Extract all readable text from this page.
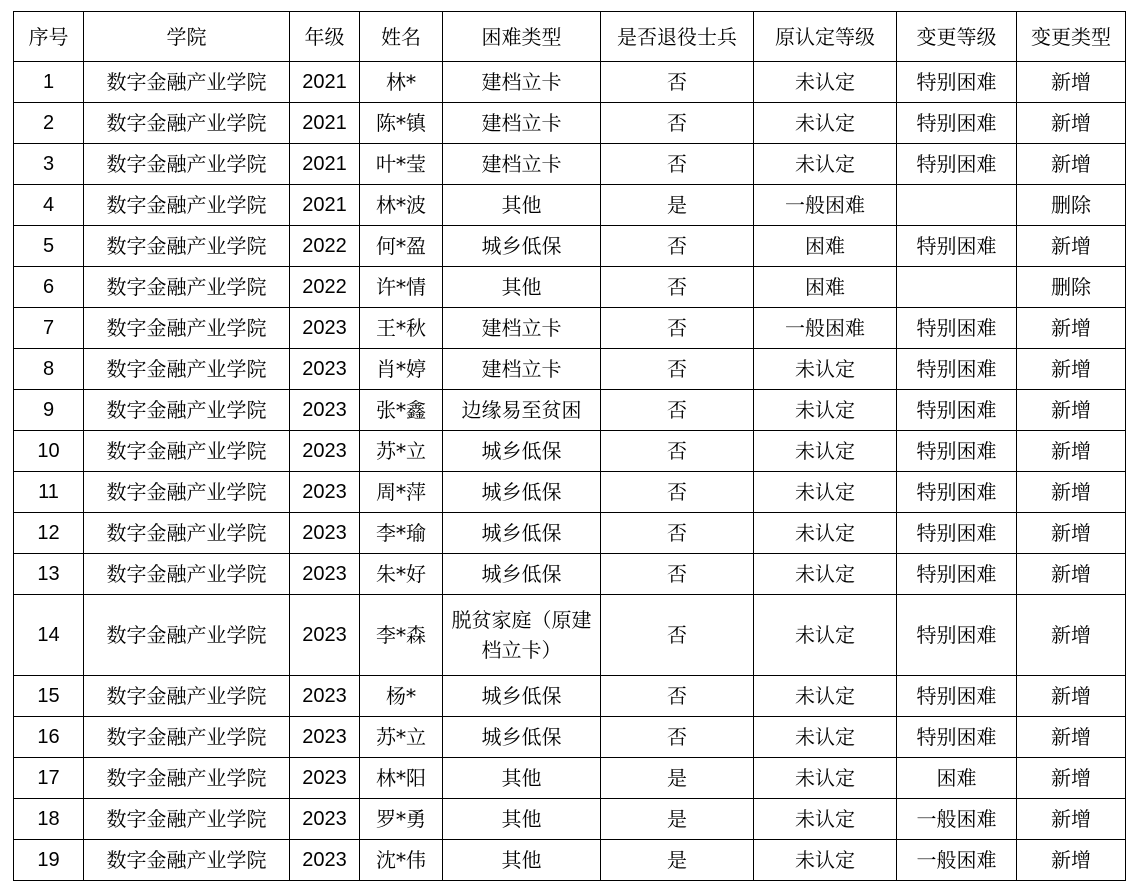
序号	学院	年级	姓名	困难类型	是否退役士兵	原认定等级	变更等级	变更类型
1	数字金融产业学院	2021	林*	建档立卡	否	未认定	特别困难	新增
2	数字金融产业学院	2021	陈*镇	建档立卡	否	未认定	特别困难	新增
3	数字金融产业学院	2021	叶*莹	建档立卡	否	未认定	特别困难	新增
4	数字金融产业学院	2021	林*波	其他	是	一般困难		删除
5	数字金融产业学院	2022	何*盈	城乡低保	否	困难	特别困难	新增
6	数字金融产业学院	2022	许*情	其他	否	困难		删除
7	数字金融产业学院	2023	王*秋	建档立卡	否	一般困难	特别困难	新增
8	数字金融产业学院	2023	肖*婷	建档立卡	否	未认定	特别困难	新增
9	数字金融产业学院	2023	张*鑫	边缘易至贫困	否	未认定	特别困难	新增
10	数字金融产业学院	2023	苏*立	城乡低保	否	未认定	特别困难	新增
11	数字金融产业学院	2023	周*萍	城乡低保	否	未认定	特别困难	新增
12	数字金融产业学院	2023	李*瑜	城乡低保	否	未认定	特别困难	新增
13	数字金融产业学院	2023	朱*好	城乡低保	否	未认定	特别困难	新增
14	数字金融产业学院	2023	李*森	脱贫家庭（原建档立卡）	否	未认定	特别困难	新增
15	数字金融产业学院	2023	杨*	城乡低保	否	未认定	特别困难	新增
16	数字金融产业学院	2023	苏*立	城乡低保	否	未认定	特别困难	新增
17	数字金融产业学院	2023	林*阳	其他	是	未认定	困难	新增
18	数字金融产业学院	2023	罗*勇	其他	是	未认定	一般困难	新增
19	数字金融产业学院	2023	沈*伟	其他	是	未认定	一般困难	新增
